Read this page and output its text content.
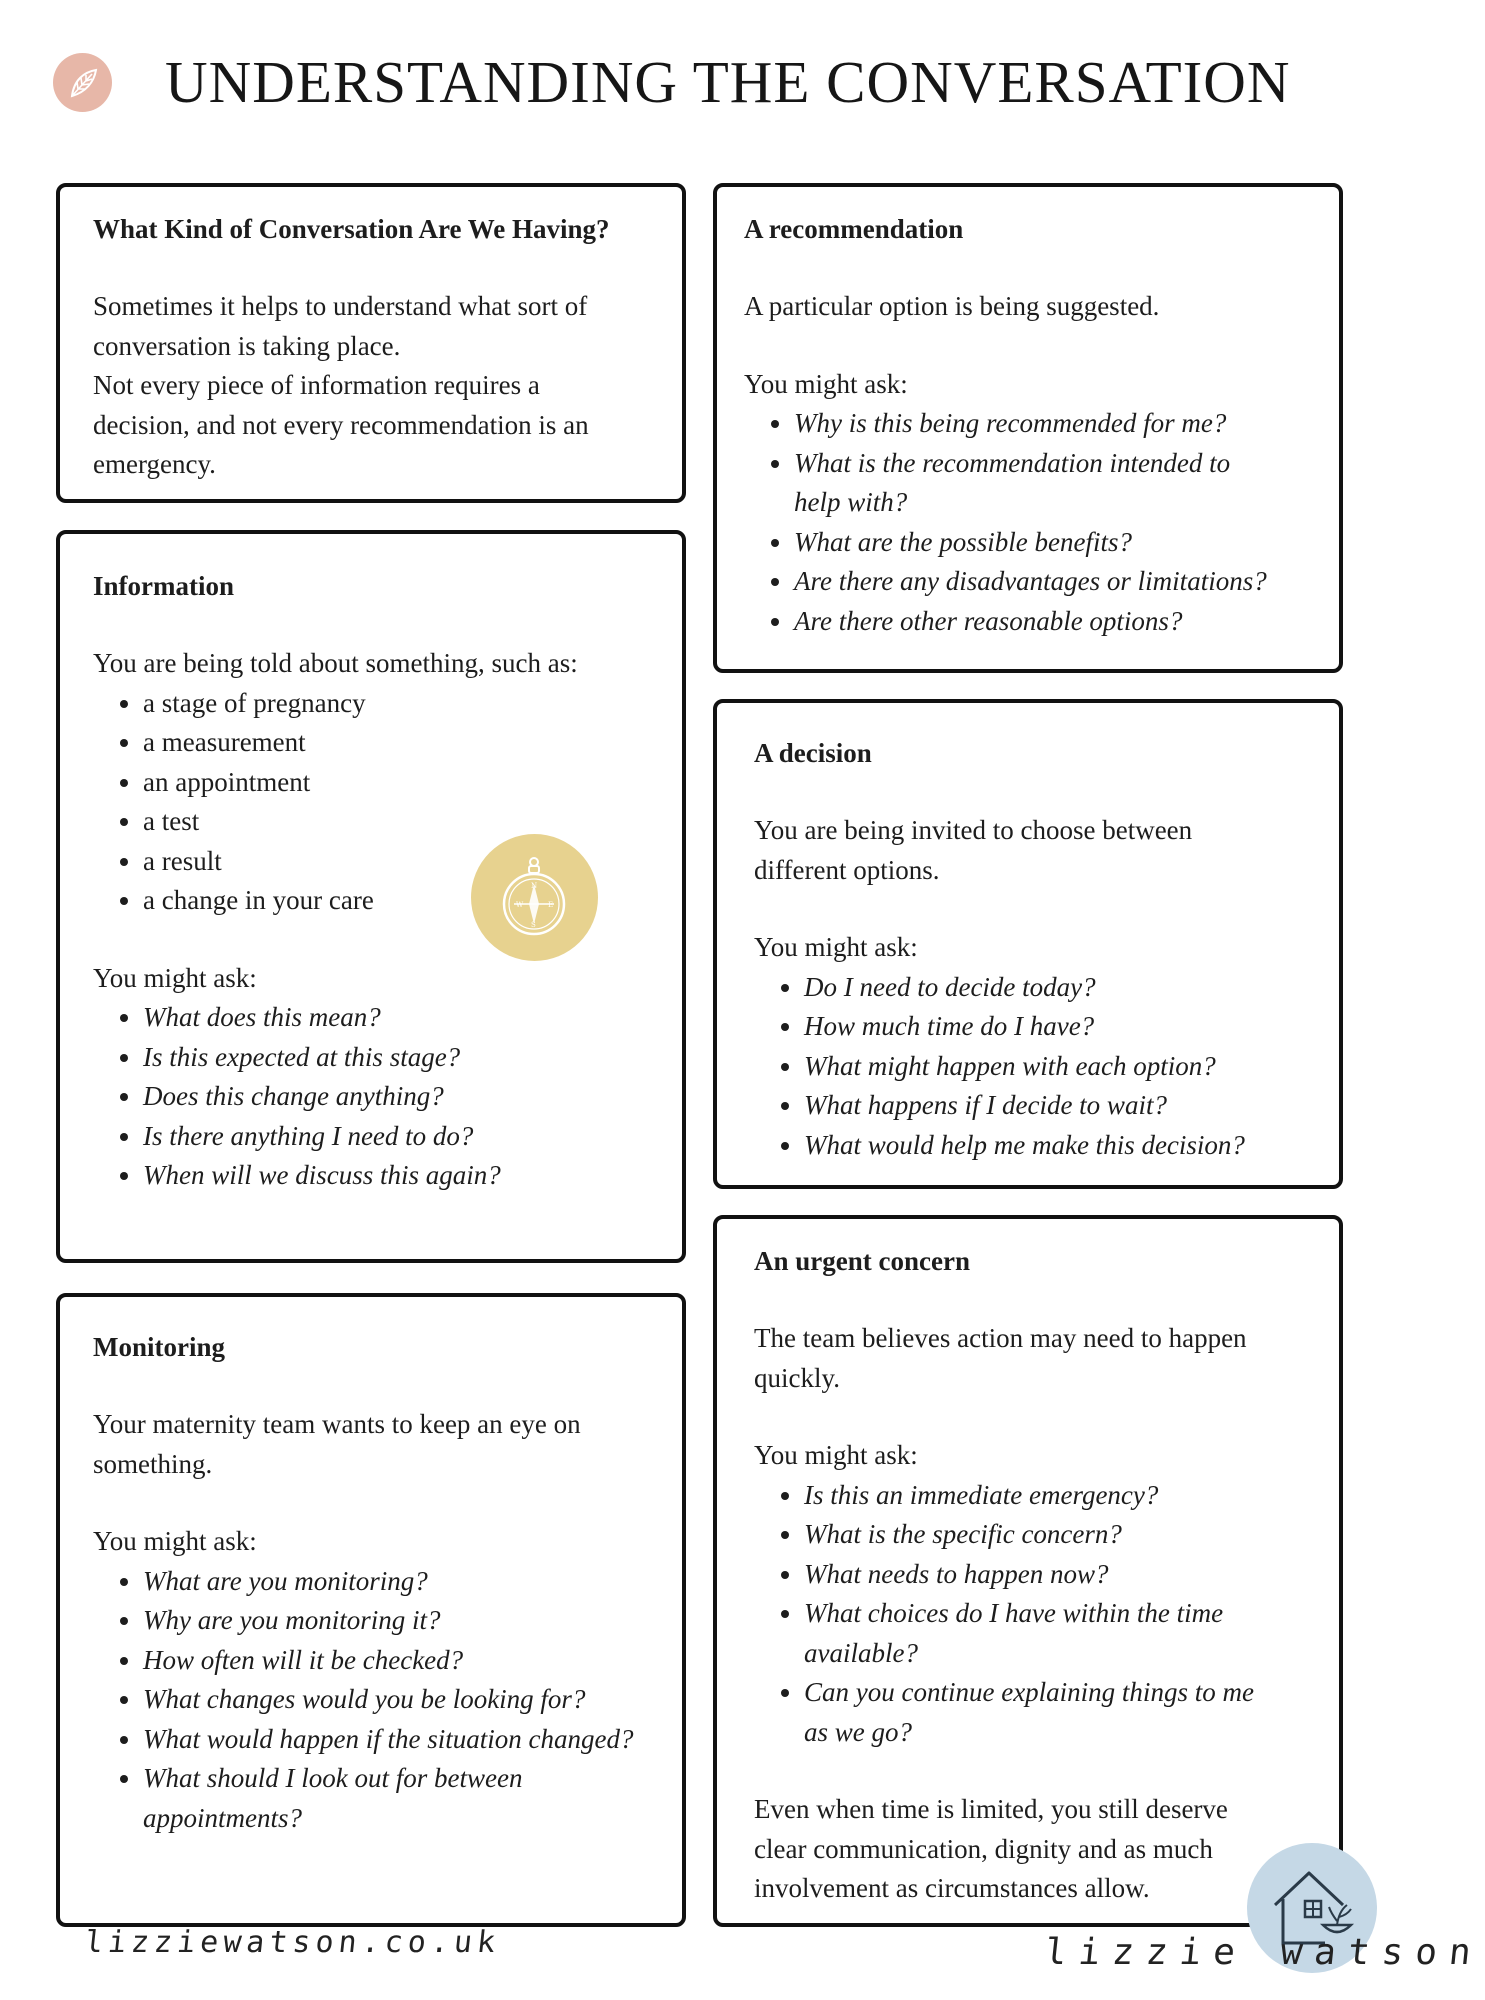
UNDERSTANDING THE CONVERSATION
What Kind of Conversation Are We Having?

Sometimes it helps to understand what sort of

conversation is taking place.

Not every piece of information requires a

decision, and not every recommendation is an

emergency.

Information

You are being told about something, such as:

• a stage of pregnancy
• a measurement
• an appointment
• a test
• a result
• a change in your care

You might ask:

• What does this mean?
• Is this expected at this stage?
• Does this change anything?
• Is there anything I need to do?
• When will we discuss this again?
N
S
W	E
Monitoring

Your maternity team wants to keep an eye on

something.

You might ask:

• What are you monitoring?
• Why are you monitoring it?
• How often will it be checked?
• What changes would you be looking for?
• What would happen if the situation changed?
• What should I look out for between appointments?
A recommendation

A particular option is being suggested.

You might ask:

• Why is this being recommended for me?
• What is the recommendation intended to help with?
• What are the possible benefits?
• Are there any disadvantages or limitations?
• Are there other reasonable options?
A decision

You are being invited to choose between

different options.

You might ask:

• Do I need to decide today?
• How much time do I have?
• What might happen with each option?
• What happens if I decide to wait?
• What would help me make this decision?
An urgent concern

The team believes action may need to happen

quickly.

You might ask:

• Is this an immediate emergency?
• What is the specific concern?
• What needs to happen now?
• What choices do I have within the time available?
• Can you continue explaining things to me as we go?

Even when time is limited, you still deserve

clear communication, dignity and as much

involvement as circumstances allow.

lizziewatson.co.uk	lizzie watson
